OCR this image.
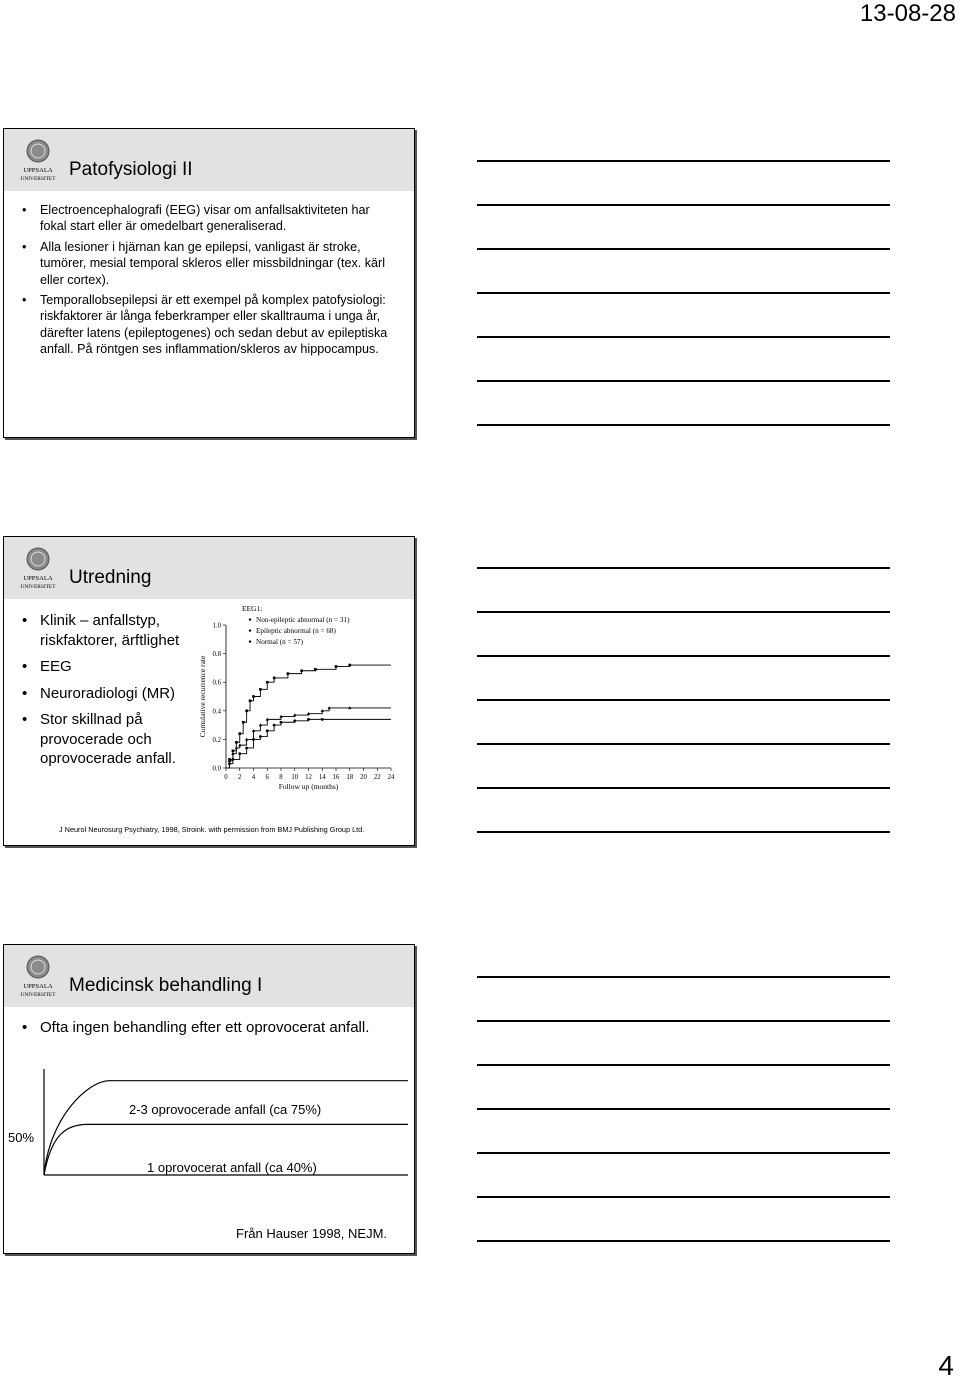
13-08-28
UPPSALA
UNIVERSITET Patofysiologi II
• Electroencephalografi (EEG) visar om anfallsaktiviteten har fokal start eller är omedelbart generaliserad.
• Alla lesioner i hjärnan kan ge epilepsi, vanligast är stroke, tumörer, mesial temporal skleros eller missbildningar (tex. kärl eller cortex).
• Temporallobsepilepsi är ett exempel på komplex patofysiologi: riskfaktorer är långa feberkramper eller skalltrauma i unga år, därefter latens (epileptogenes) och sedan debut av epileptiska anfall. På röntgen ses inflammation/skleros av hippocampus.
UPPSALA
UNIVERSITET Utredning
• Klinik – anfallstyp, riskfaktorer, ärftlighet
• EEG
• Neuroradiologi (MR)
• Stor skillnad på provocerade och oprovocerade anfall.
0 2 4 6 8 10 12 14 16 18 20 22 24
0.0
0.2
0.4
0.6
0.8
1.0
Follow up (months)
Cumulative recurrence rate
EEG1:
Non-epileptic abnormal (n = 31)
Epileptic abnormal (n = 68)
Normal (n = 57)
J Neurol Neurosurg Psychiatry, 1998, Stroink. with permission from BMJ Publishing Group Ltd.
UPPSALA
UNIVERSITET Medicinsk behandling I
• Ofta ingen behandling efter ett oprovocerat anfall.
50%
2-3 oprovocerade anfall (ca 75%)
1 oprovocerat anfall (ca 40%)
Från Hauser 1998, NEJM.
4
